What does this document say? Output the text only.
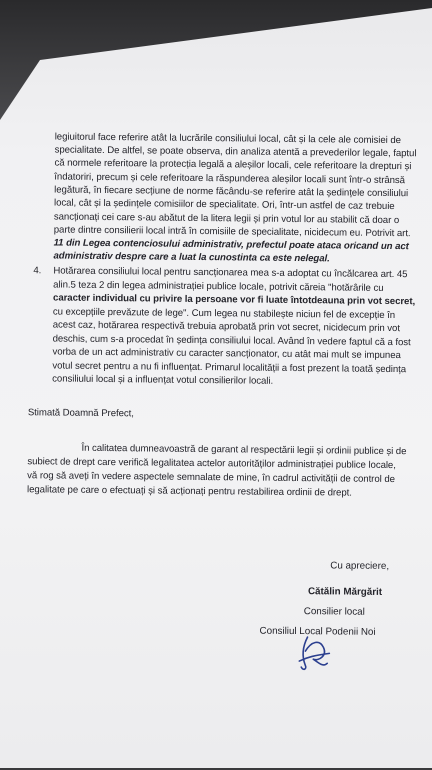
legiuitorul face referire atât la lucrările consiliului local, cât și la cele ale comisiei de
specialitate. De altfel, se poate observa, din analiza atentă a prevederilor legale, faptul
că normele referitoare la protecția legală a aleșilor locali, cele referitoare la drepturi și
îndatoriri, precum și cele referitoare la răspunderea aleșilor locali sunt într-o strânsă
legătură, în fiecare secțiune de norme făcându-se referire atât la ședințele consiliului
local, cât și la ședințele comisiilor de specialitate. Ori, într-un astfel de caz trebuie
sancționați cei care s-au abătut de la litera legii și prin votul lor au stabilit că doar o
parte dintre consilierii local intră în comisiile de specialitate, nicidecum eu. Potrivit art.
11 din Legea contenciosului administrativ, prefectul poate ataca oricand un act
administrativ despre care a luat la cunostinta ca este nelegal.
4. Hotărarea consiliului local pentru sancționarea mea s-a adoptat cu încălcarea art. 45
alin.5 teza 2 din legea administrației publice locale, potrivit căreia "hotărârile cu
caracter individual cu privire la persoane vor fi luate întotdeauna prin vot secret,
cu excepțiile prevăzute de lege". Cum legea nu stabilește niciun fel de excepție în
acest caz, hotărarea respectivă trebuia aprobată prin vot secret, nicidecum prin vot
deschis, cum s-a procedat în ședința consiliului local. Având în vedere faptul că a fost
vorba de un act administrativ cu caracter sancționator, cu atât mai mult se impunea
votul secret pentru a nu fi influențat. Primarul localității a fost prezent la toată ședința
consiliului local și a influențat votul consilierilor locali.
Stimată Doamnă Prefect,
În calitatea dumneavoastră de garant al respectării legii și ordinii publice și de
subiect de drept care verifică legalitatea actelor autorităților administrației publice locale,
vă rog să aveți în vedere aspectele semnalate de mine, în cadrul activității de control de
legalitate pe care o efectuați și să acționați pentru restabilirea ordinii de drept.
Cu apreciere,
Cătălin Mărgărit
Consilier local
Consiliul Local Podenii Noi
